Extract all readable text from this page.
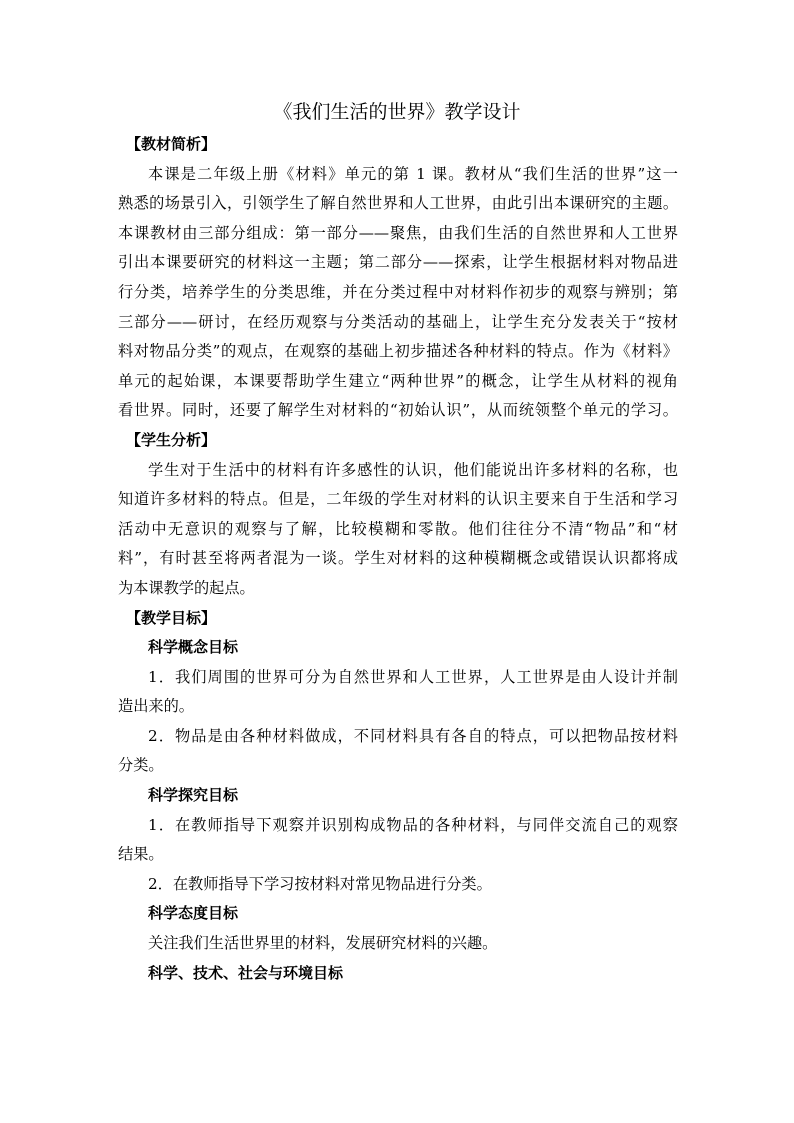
《我们生活的世界》教学设计
【教材简析】
本课是二年级上册《材料》单元的第 1 课。教材从“我们生活的世界”这一
熟悉的场景引入，引领学生了解自然世界和人工世界，由此引出本课研究的主题。
本课教材由三部分组成：第一部分——聚焦，由我们生活的自然世界和人工世界
引出本课要研究的材料这一主题；第二部分——探索，让学生根据材料对物品进
行分类，培养学生的分类思维，并在分类过程中对材料作初步的观察与辨别；第
三部分——研讨，在经历观察与分类活动的基础上，让学生充分发表关于“按材
料对物品分类”的观点，在观察的基础上初步描述各种材料的特点。作为《材料》
单元的起始课，本课要帮助学生建立“两种世界”的概念，让学生从材料的视角
看世界。同时，还要了解学生对材料的“初始认识”，从而统领整个单元的学习。
【学生分析】
学生对于生活中的材料有许多感性的认识，他们能说出许多材料的名称，也
知道许多材料的特点。但是，二年级的学生对材料的认识主要来自于生活和学习
活动中无意识的观察与了解，比较模糊和零散。他们往往分不清“物品”和“材
料”，有时甚至将两者混为一谈。学生对材料的这种模糊概念或错误认识都将成
为本课教学的起点。
【教学目标】
科学概念目标
1．我们周围的世界可分为自然世界和人工世界，人工世界是由人设计并制
造出来的。
2．物品是由各种材料做成，不同材料具有各自的特点，可以把物品按材料
分类。
科学探究目标
1．在教师指导下观察并识别构成物品的各种材料，与同伴交流自己的观察
结果。
2．在教师指导下学习按材料对常见物品进行分类。
科学态度目标
关注我们生活世界里的材料，发展研究材料的兴趣。
科学、技术、社会与环境目标
